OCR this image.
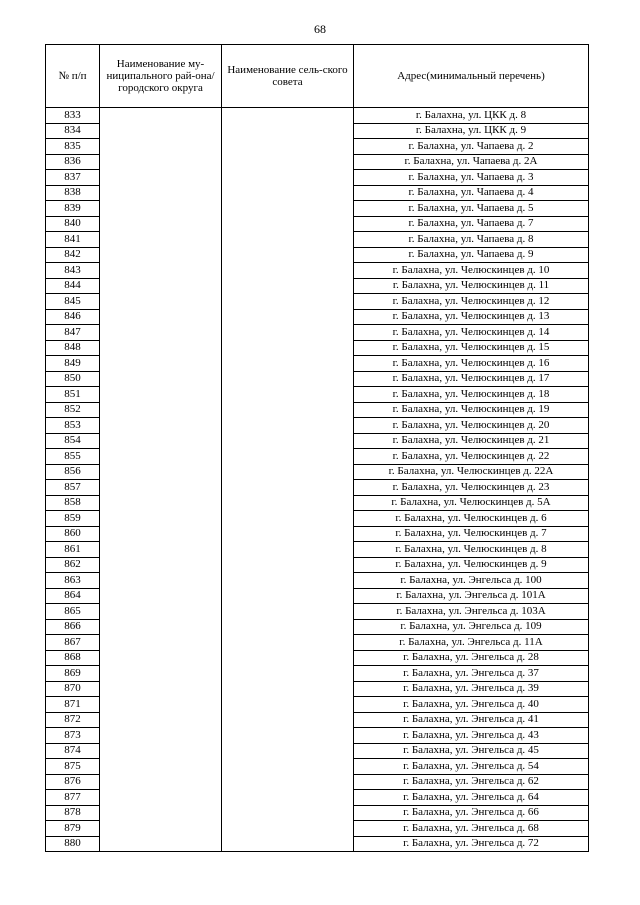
68
№ п/п	Наименование му-ниципального рай-она/ городского округа	Наименование сель-ского совета	Адрес(минимальный перечень)
833			г. Балахна, ул. ЦКК д. 8
834			г. Балахна, ул. ЦКК д. 9
835			г. Балахна, ул. Чапаева д. 2
836			г. Балахна, ул. Чапаева д. 2А
837			г. Балахна, ул. Чапаева д. 3
838			г. Балахна, ул. Чапаева д. 4
839			г. Балахна, ул. Чапаева д. 5
840			г. Балахна, ул. Чапаева д. 7
841			г. Балахна, ул. Чапаева д. 8
842			г. Балахна, ул. Чапаева д. 9
843			г. Балахна, ул. Челюскинцев д. 10
844			г. Балахна, ул. Челюскинцев д. 11
845			г. Балахна, ул. Челюскинцев д. 12
846			г. Балахна, ул. Челюскинцев д. 13
847			г. Балахна, ул. Челюскинцев д. 14
848			г. Балахна, ул. Челюскинцев д. 15
849			г. Балахна, ул. Челюскинцев д. 16
850			г. Балахна, ул. Челюскинцев д. 17
851			г. Балахна, ул. Челюскинцев д. 18
852			г. Балахна, ул. Челюскинцев д. 19
853			г. Балахна, ул. Челюскинцев д. 20
854			г. Балахна, ул. Челюскинцев д. 21
855			г. Балахна, ул. Челюскинцев д. 22
856			г. Балахна, ул. Челюскинцев д. 22А
857			г. Балахна, ул. Челюскинцев д. 23
858			г. Балахна, ул. Челюскинцев д. 5А
859			г. Балахна, ул. Челюскинцев д. 6
860			г. Балахна, ул. Челюскинцев д. 7
861			г. Балахна, ул. Челюскинцев д. 8
862			г. Балахна, ул. Челюскинцев д. 9
863			г. Балахна, ул. Энгельса д. 100
864			г. Балахна, ул. Энгельса д. 101А
865			г. Балахна, ул. Энгельса д. 103А
866			г. Балахна, ул. Энгельса д. 109
867			г. Балахна, ул. Энгельса д. 11А
868			г. Балахна, ул. Энгельса д. 28
869			г. Балахна, ул. Энгельса д. 37
870			г. Балахна, ул. Энгельса д. 39
871			г. Балахна, ул. Энгельса д. 40
872			г. Балахна, ул. Энгельса д. 41
873			г. Балахна, ул. Энгельса д. 43
874			г. Балахна, ул. Энгельса д. 45
875			г. Балахна, ул. Энгельса д. 54
876			г. Балахна, ул. Энгельса д. 62
877			г. Балахна, ул. Энгельса д. 64
878			г. Балахна, ул. Энгельса д. 66
879			г. Балахна, ул. Энгельса д. 68
880			г. Балахна, ул. Энгельса д. 72
